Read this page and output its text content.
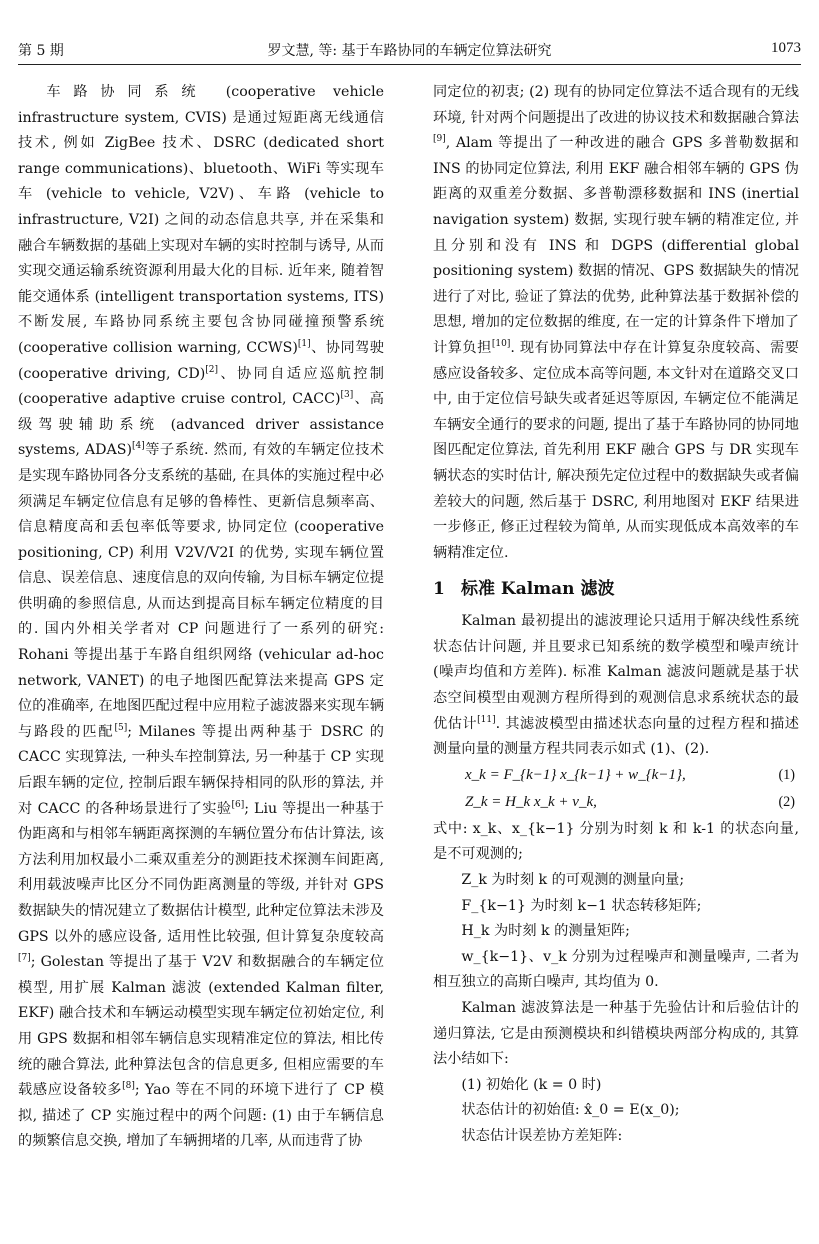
第 5 期	罗文慧, 等: 基于车路协同的车辆定位算法研究	1073

车路协同系统 (cooperative vehicle infrastructure system, CVIS) 是通过短距离无线通信技术, 例如 ZigBee 技术、DSRC (dedicated short range communications)、bluetooth、WiFi 等实现车车 (vehicle to vehicle, V2V)、车路 (vehicle to infrastructure, V2I) 之间的动态信息共享, 并在采集和融合车辆数据的基础上实现对车辆的实时控制与诱导, 从而实现交通运输系统资源利用最大化的目标. 近年来, 随着智能交通体系 (intelligent transportation systems, ITS) 不断发展, 车路协同系统主要包含协同碰撞预警系统 (cooperative collision warning, CCWS)[1]、协同驾驶 (cooperative driving, CD)[2]、协同自适应巡航控制 (cooperative adaptive cruise control, CACC)[3]、高级驾驶辅助系统 (advanced driver assistance systems, ADAS)[4]等子系统. 然而, 有效的车辆定位技术是实现车路协同各分支系统的基础, 在具体的实施过程中必须满足车辆定位信息有足够的鲁棒性、更新信息频率高、信息精度高和丢包率低等要求, 协同定位 (cooperative positioning, CP) 利用 V2V/V2I 的优势, 实现车辆位置信息、误差信息、速度信息的双向传输, 为目标车辆定位提供明确的参照信息, 从而达到提高目标车辆定位精度的目的. 国内外相关学者对 CP 问题进行了一系列的研究: Rohani 等提出基于车路自组织网络 (vehicular ad-hoc network, VANET) 的电子地图匹配算法来提高 GPS 定位的准确率, 在地图匹配过程中应用粒子滤波器来实现车辆与路段的匹配[5]; Milanes 等提出两种基于 DSRC 的 CACC 实现算法, 一种头车控制算法, 另一种基于 CP 实现后跟车辆的定位, 控制后跟车辆保持相同的队形的算法, 并对 CACC 的各种场景进行了实验[6]; Liu 等提出一种基于伪距离和与相邻车辆距离探测的车辆位置分布估计算法, 该方法利用加权最小二乘双重差分的测距技术探测车间距离, 利用载波噪声比区分不同伪距离测量的等级, 并针对 GPS 数据缺失的情况建立了数据估计模型, 此种定位算法未涉及 GPS 以外的感应设备, 适用性比较强, 但计算复杂度较高[7]; Golestan 等提出了基于 V2V 和数据融合的车辆定位模型, 用扩展 Kalman 滤波 (extended Kalman filter, EKF) 融合技术和车辆运动模型实现车辆定位初始定位, 利用 GPS 数据和相邻车辆信息实现精准定位的算法, 相比传统的融合算法, 此种算法包含的信息更多, 但相应需要的车载感应设备较多[8]; Yao 等在不同的环境下进行了 CP 模拟, 描述了 CP 实施过程中的两个问题: (1) 由于车辆信息的频繁信息交换, 增加了车辆拥堵的几率, 从而违背了协

同定位的初衷; (2) 现有的协同定位算法不适合现有的无线环境, 针对两个问题提出了改进的协议技术和数据融合算法[9], Alam 等提出了一种改进的融合 GPS 多普勒数据和 INS 的协同定位算法, 利用 EKF 融合相邻车辆的 GPS 伪距离的双重差分数据、多普勒漂移数据和 INS (inertial navigation system) 数据, 实现行驶车辆的精准定位, 并且分别和没有 INS 和 DGPS (differential global positioning system) 数据的情况、GPS 数据缺失的情况进行了对比, 验证了算法的优势, 此种算法基于数据补偿的思想, 增加的定位数据的维度, 在一定的计算条件下增加了计算负担[10]. 现有协同算法中存在计算复杂度较高、需要感应设备较多、定位成本高等问题, 本文针对在道路交叉口中, 由于定位信号缺失或者延迟等原因, 车辆定位不能满足车辆安全通行的要求的问题, 提出了基于车路协同的协同地图匹配定位算法, 首先利用 EKF 融合 GPS 与 DR 实现车辆状态的实时估计, 解决预先定位过程中的数据缺失或者偏差较大的问题, 然后基于 DSRC, 利用地图对 EKF 结果进一步修正, 修正过程较为简单, 从而实现低成本高效率的车辆精准定位.

1 标准 Kalman 滤波

Kalman 最初提出的滤波理论只适用于解决线性系统状态估计问题, 并且要求已知系统的数学模型和噪声统计 (噪声均值和方差阵). 标准 Kalman 滤波问题就是基于状态空间模型由观测方程所得到的观测信息求系统状态的最优估计[11]. 其滤波模型由描述状态向量的过程方程和描述测量向量的测量方程共同表示如式 (1)、(2).

x_k = F_{k−1} x_{k−1} + w_{k−1},	(1)
Z_k = H_k x_k + v_k,	(2)

式中: x_k、x_{k−1} 分别为时刻 k 和 k-1 的状态向量, 是不可观测的;

Z_k 为时刻 k 的可观测的测量向量;

F_{k−1} 为时刻 k−1 状态转移矩阵;

H_k 为时刻 k 的测量矩阵;

w_{k−1}、v_k 分别为过程噪声和测量噪声, 二者为相互独立的高斯白噪声, 其均值为 0.

Kalman 滤波算法是一种基于先验估计和后验估计的递归算法, 它是由预测模块和纠错模块两部分构成的, 其算法小结如下:

(1) 初始化 (k = 0 时)

状态估计的初始值: x̂_0 = E(x_0);

状态估计误差协方差矩阵:
